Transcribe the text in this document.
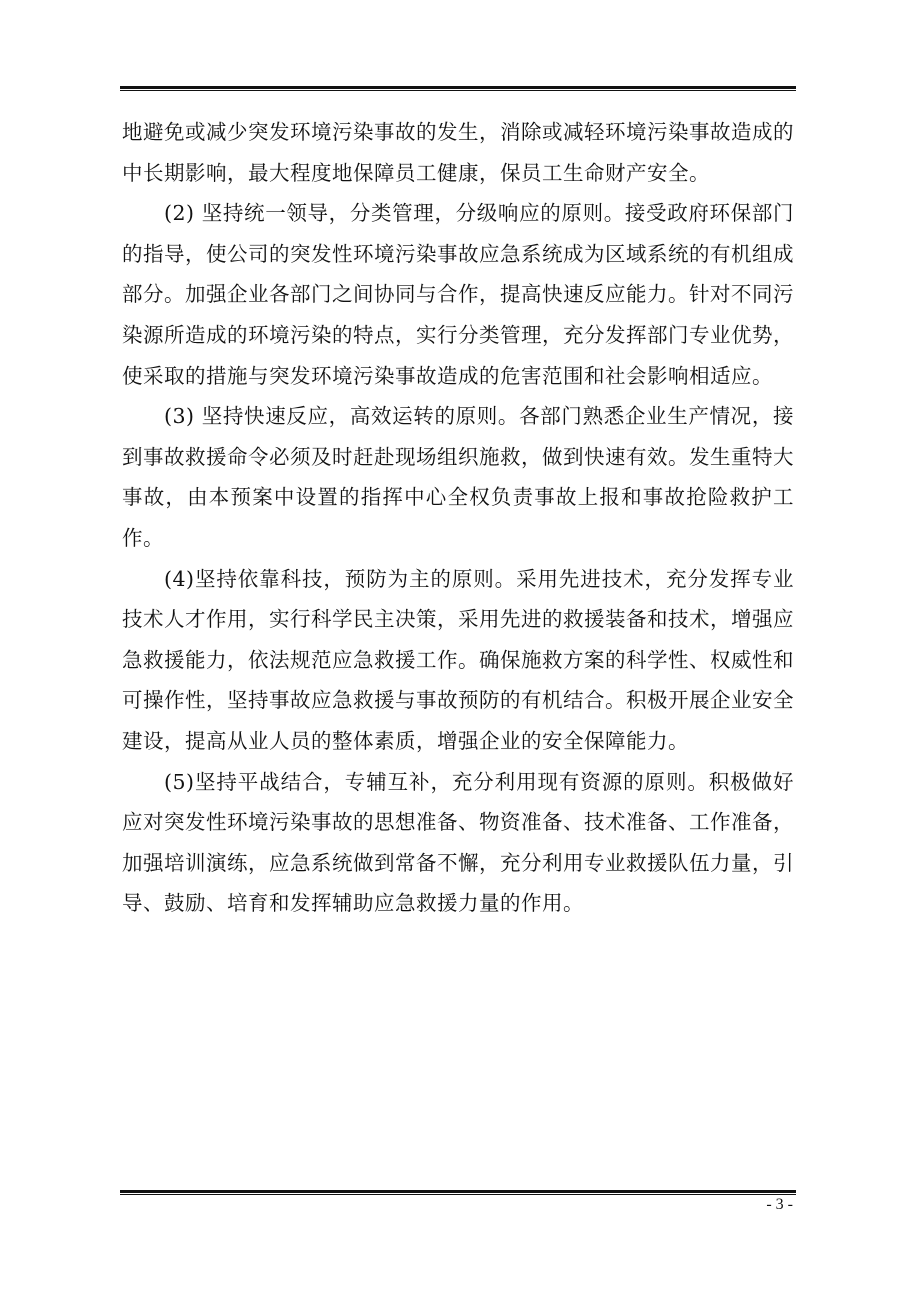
地避免或减少突发环境污染事故的发生，消除或减轻环境污染事故造成的中长期影响，最大程度地保障员工健康，保员工生命财产安全。

(2) 坚持统一领导，分类管理，分级响应的原则。接受政府环保部门的指导，使公司的突发性环境污染事故应急系统成为区域系统的有机组成部分。加强企业各部门之间协同与合作，提高快速反应能力。针对不同污染源所造成的环境污染的特点，实行分类管理，充分发挥部门专业优势，使采取的措施与突发环境污染事故造成的危害范围和社会影响相适应。

(3) 坚持快速反应，高效运转的原则。各部门熟悉企业生产情况，接到事故救援命令必须及时赶赴现场组织施救，做到快速有效。发生重特大事故，由本预案中设置的指挥中心全权负责事故上报和事故抢险救护工作。

(4)坚持依靠科技，预防为主的原则。采用先进技术，充分发挥专业技术人才作用，实行科学民主决策，采用先进的救援装备和技术，增强应急救援能力，依法规范应急救援工作。确保施救方案的科学性、权威性和可操作性，坚持事故应急救援与事故预防的有机结合。积极开展企业安全建设，提高从业人员的整体素质，增强企业的安全保障能力。

(5)坚持平战结合，专辅互补，充分利用现有资源的原则。积极做好应对突发性环境污染事故的思想准备、物资准备、技术准备、工作准备，加强培训演练，应急系统做到常备不懈，充分利用专业救援队伍力量，引导、鼓励、培育和发挥辅助应急救援力量的作用。

- 3 -
